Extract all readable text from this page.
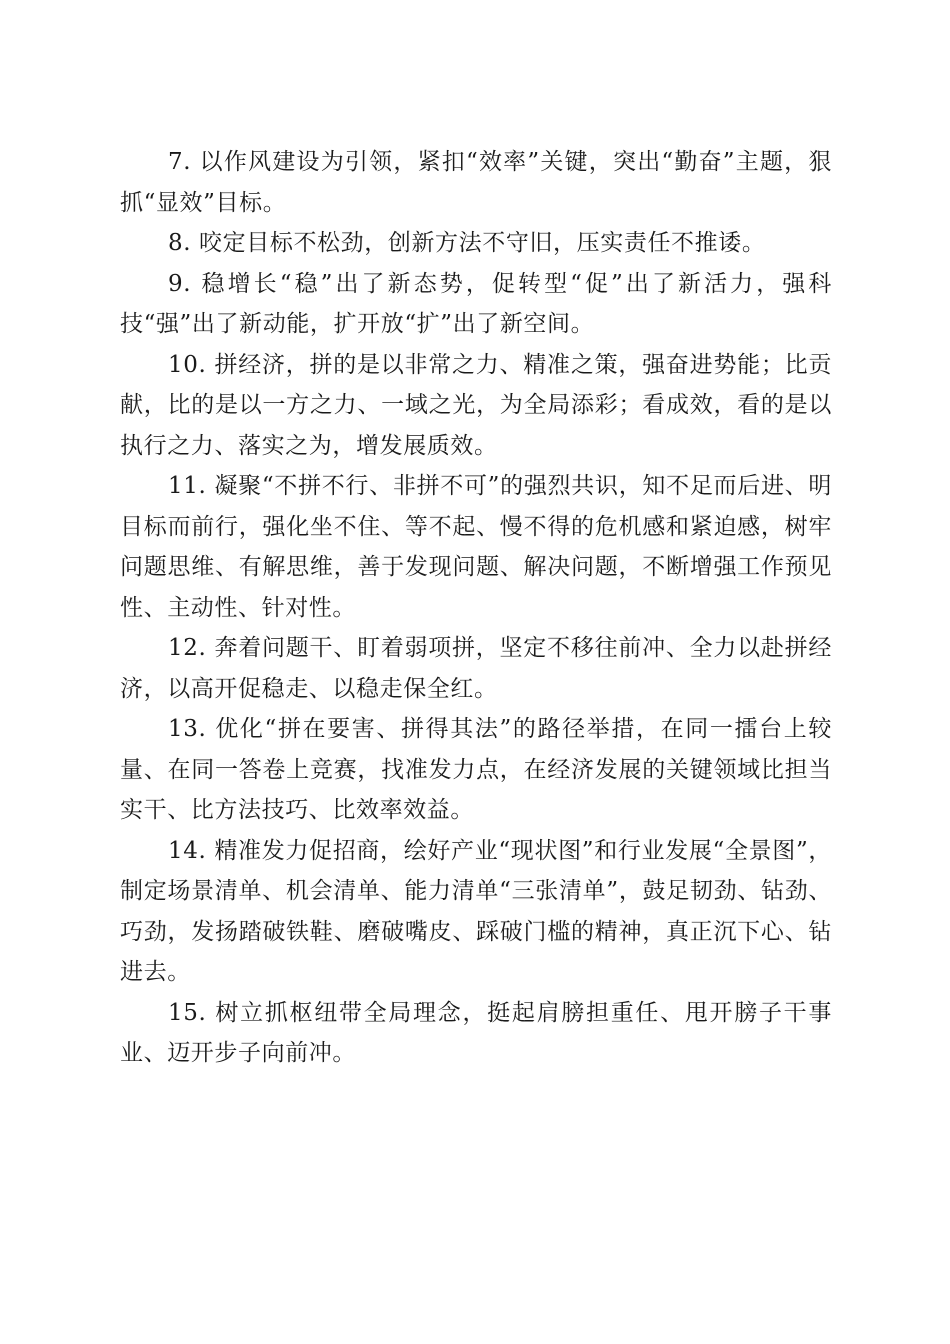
7. 以作风建设为引领，紧扣“效率”关键，突出“勤奋”主题，狠抓“显效”目标。

8. 咬定目标不松劲，创新方法不守旧，压实责任不推诿。

9. 稳增长“稳”出了新态势，促转型“促”出了新活力，强科技“强”出了新动能，扩开放“扩”出了新空间。

10. 拼经济，拼的是以非常之力、精准之策，强奋进势能；比贡献，比的是以一方之力、一域之光，为全局添彩；看成效，看的是以执行之力、落实之为，增发展质效。

11. 凝聚“不拼不行、非拼不可”的强烈共识，知不足而后进、明目标而前行，强化坐不住、等不起、慢不得的危机感和紧迫感，树牢问题思维、有解思维，善于发现问题、解决问题，不断增强工作预见性、主动性、针对性。

12. 奔着问题干、盯着弱项拼，坚定不移往前冲、全力以赴拼经济，以高开促稳走、以稳走保全红。

13. 优化“拼在要害、拼得其法”的路径举措，在同一擂台上较量、在同一答卷上竞赛，找准发力点，在经济发展的关键领域比担当实干、比方法技巧、比效率效益。

14. 精准发力促招商，绘好产业“现状图”和行业发展“全景图”，制定场景清单、机会清单、能力清单“三张清单”，鼓足韧劲、钻劲、巧劲，发扬踏破铁鞋、磨破嘴皮、踩破门槛的精神，真正沉下心、钻进去。

15. 树立抓枢纽带全局理念，挺起肩膀担重任、甩开膀子干事业、迈开步子向前冲。
